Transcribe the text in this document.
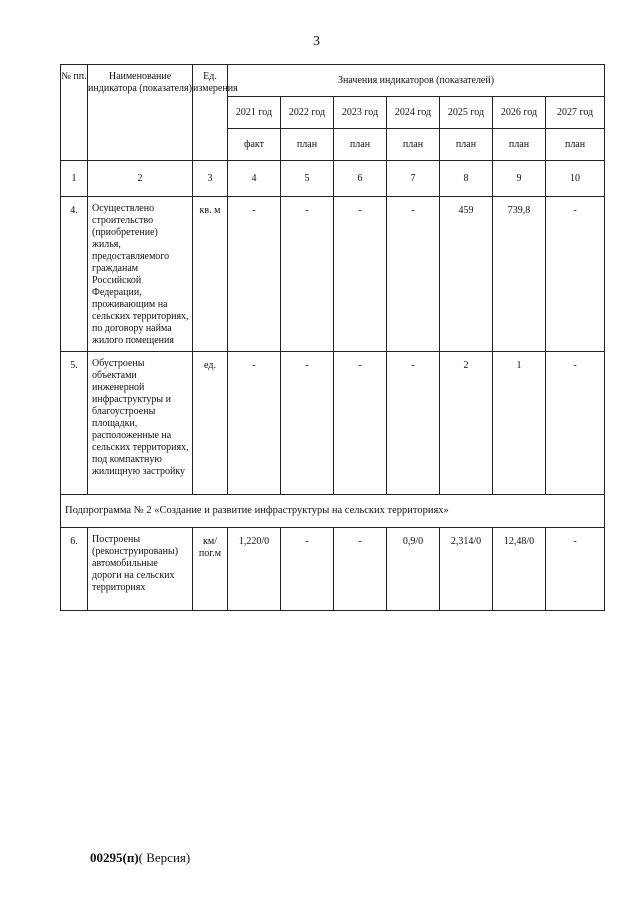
3
№ пп.	Наименование индикатора (показателя)	Ед. измерения	Значения индикаторов (показателей)						
			2021 год	2022 год	2023 год	2024 год	2025 год	2026 год	2027 год
			факт	план	план	план	план	план	план
1	2	3	4	5	6	7	8	9	10
4.	Осуществлено строительство (приобретение) жилья, предоставляемого гражданам Российской Федерации, проживающим на сельских территориях, по договору найма жилого помещения	кв. м	-	-	-	-	459	739,8	-
5.	Обустроены объектами инженерной инфраструктуры и благоустроены площадки, расположенные на сельских территориях, под компактную жилищную застройку	ед.	-	-	-	-	2	1	-
Подпрограмма № 2 «Создание и развитие инфраструктуры на сельских территориях»									
6.	Построены (реконструированы) автомобильные дороги на сельских территориях	км/ пог.м	1,220/0	-	-	0,9/0	2,314/0	12,48/0	-
00295(п)( Версия)
